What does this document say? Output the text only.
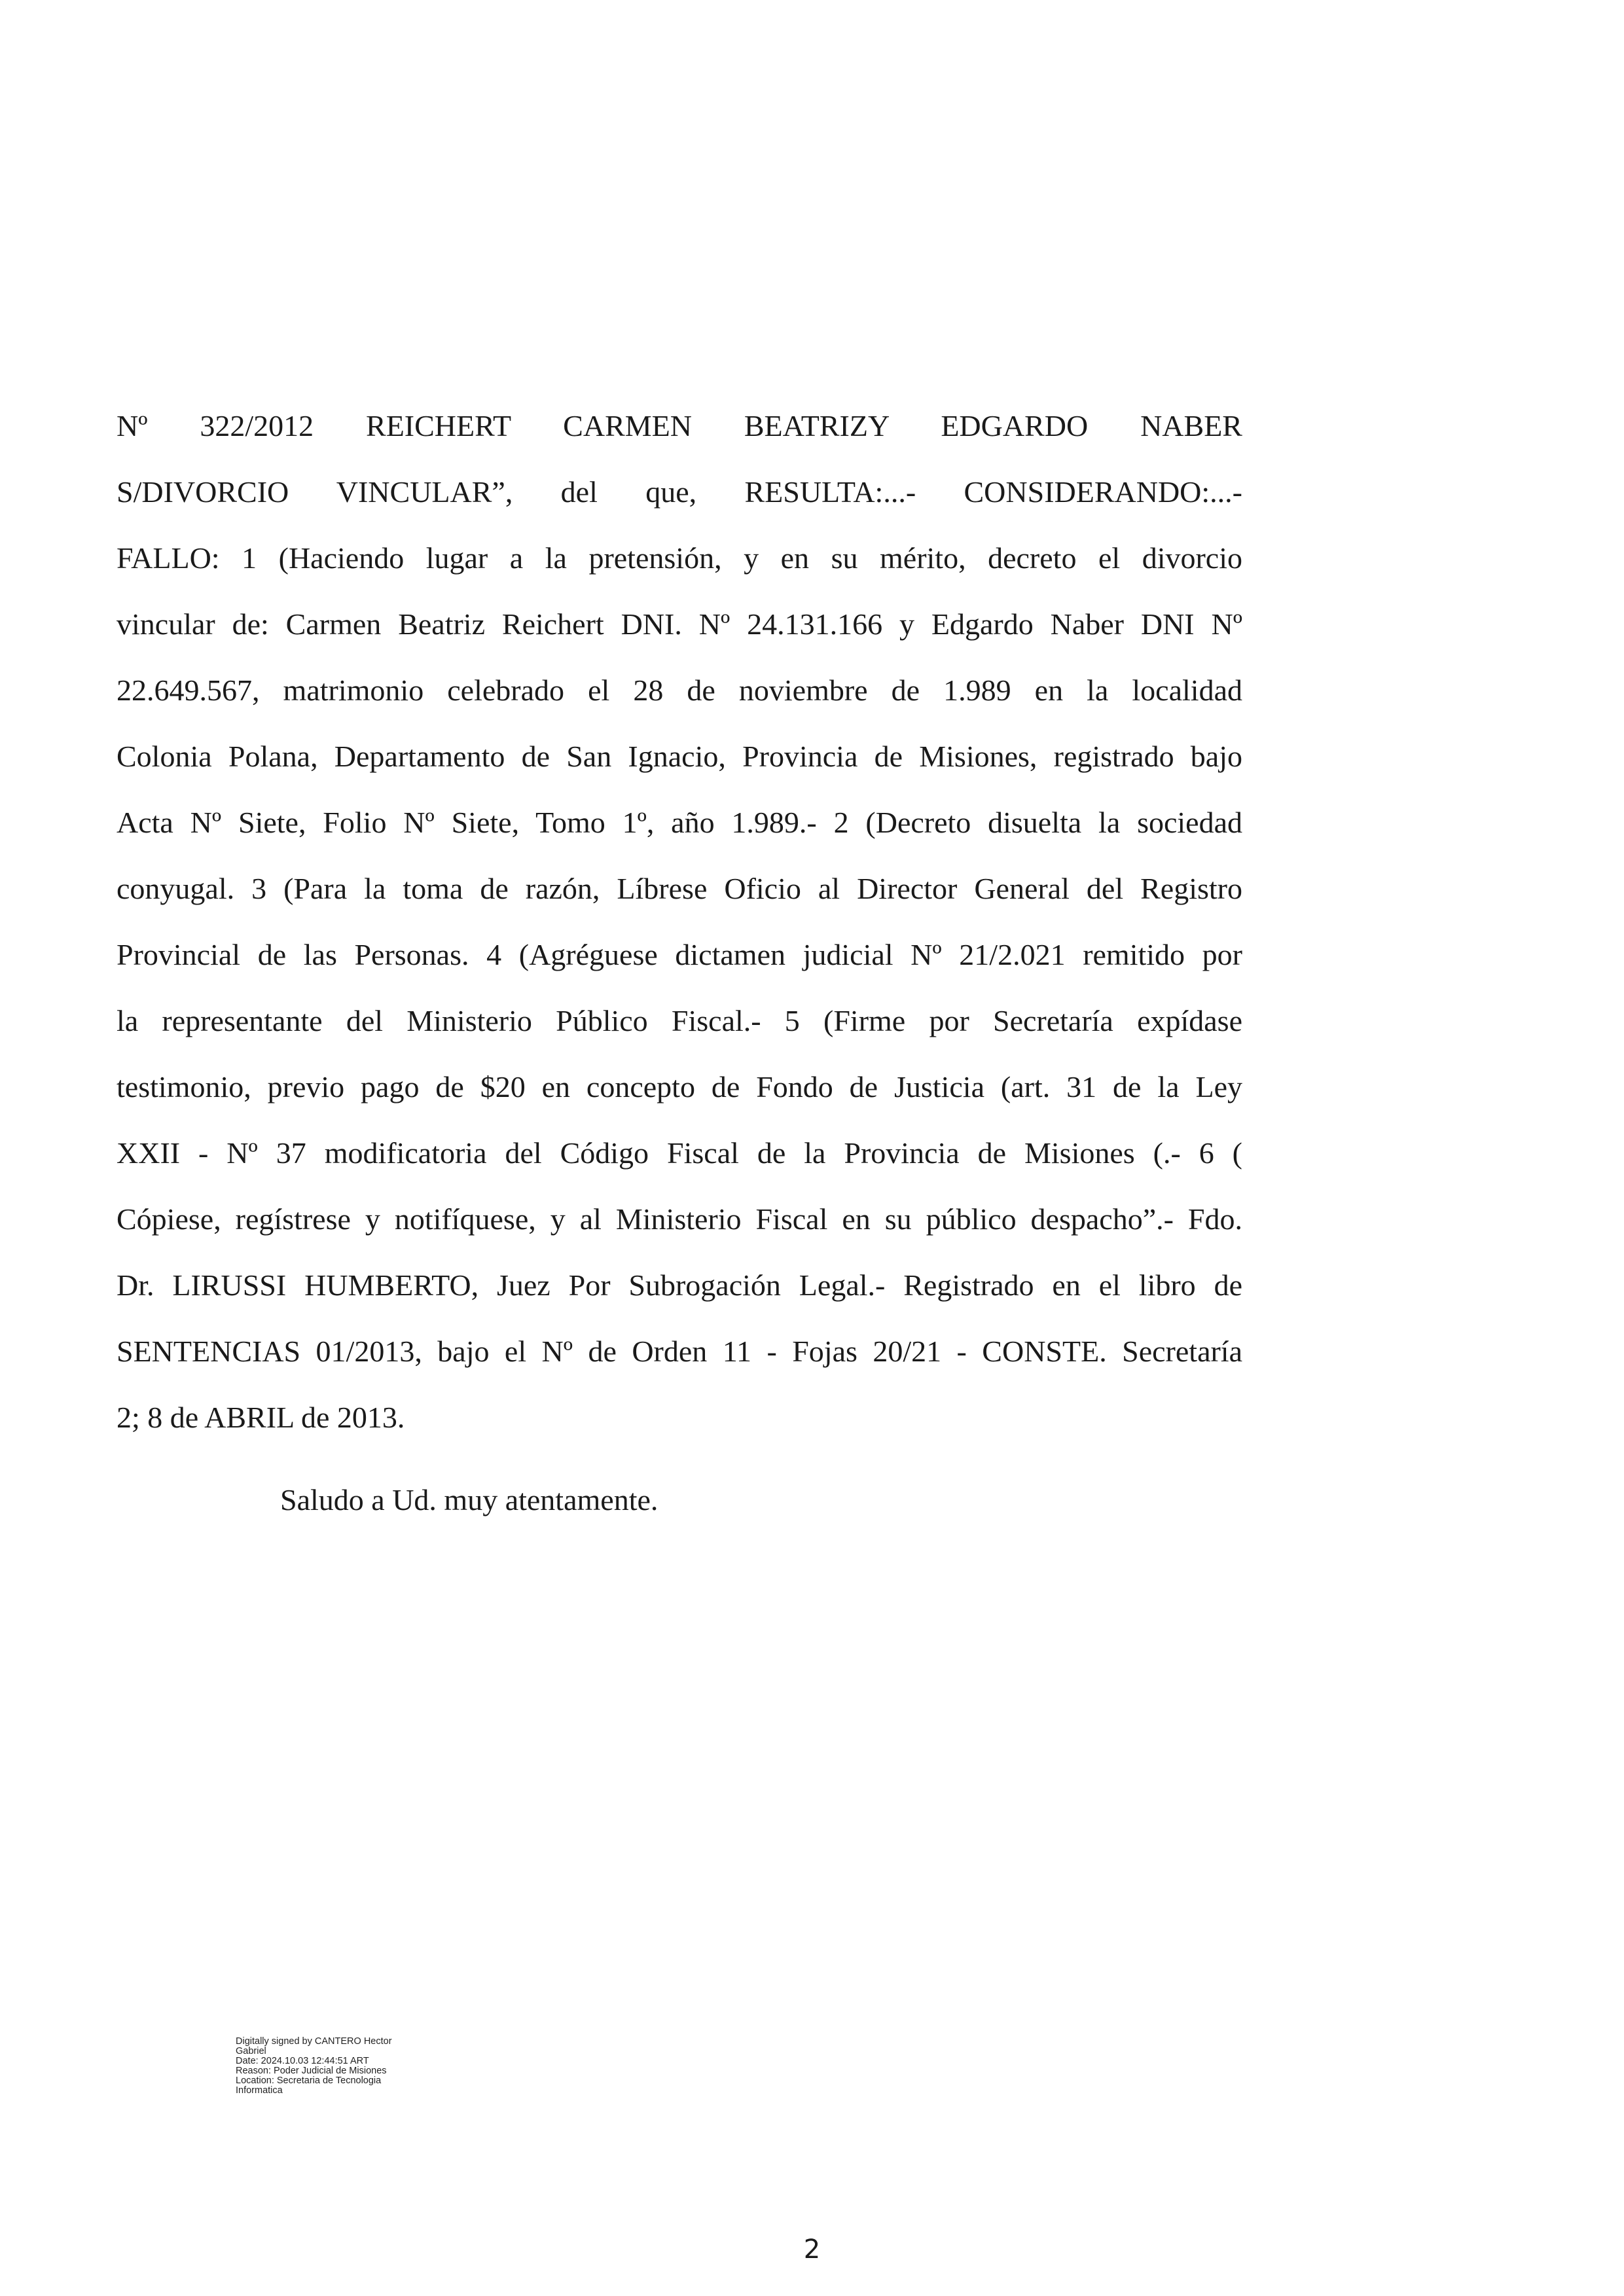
Nº 322/2012 REICHERT CARMEN BEATRIZY EDGARDO NABER
S/DIVORCIO VINCULAR”, del que, RESULTA:...- CONSIDERANDO:...-
FALLO: 1 (Haciendo lugar a la pretensión, y en su mérito, decreto el divorcio
vincular de: Carmen Beatriz Reichert DNI. Nº 24.131.166 y Edgardo Naber DNI Nº
22.649.567, matrimonio celebrado el 28 de noviembre de 1.989 en la localidad
Colonia Polana, Departamento de San Ignacio, Provincia de Misiones, registrado bajo
Acta Nº Siete, Folio Nº Siete, Tomo 1º, año 1.989.- 2 (Decreto disuelta la sociedad
conyugal. 3 (Para la toma de razón, Líbrese Oficio al Director General del Registro
Provincial de las Personas. 4 (Agréguese dictamen judicial Nº 21/2.021 remitido por
la representante del Ministerio Público Fiscal.- 5 (Firme por Secretaría expídase
testimonio, previo pago de $20 en concepto de Fondo de Justicia (art. 31 de la Ley
XXII - Nº 37 modificatoria del Código Fiscal de la Provincia de Misiones (.- 6 (
Cópiese, regístrese y notifíquese, y al Ministerio Fiscal en su público despacho”.- Fdo.
Dr. LIRUSSI HUMBERTO, Juez Por Subrogación Legal.- Registrado en el libro de
SENTENCIAS 01/2013, bajo el Nº de Orden 11 - Fojas 20/21 - CONSTE. Secretaría
2; 8 de ABRIL de 2013.
Saludo a Ud. muy atentamente.
Digitally signed by CANTERO Hector
Gabriel
Date: 2024.10.03 12:44:51 ART
Reason: Poder Judicial de Misiones
Location: Secretaria de Tecnologia
Informatica
2
